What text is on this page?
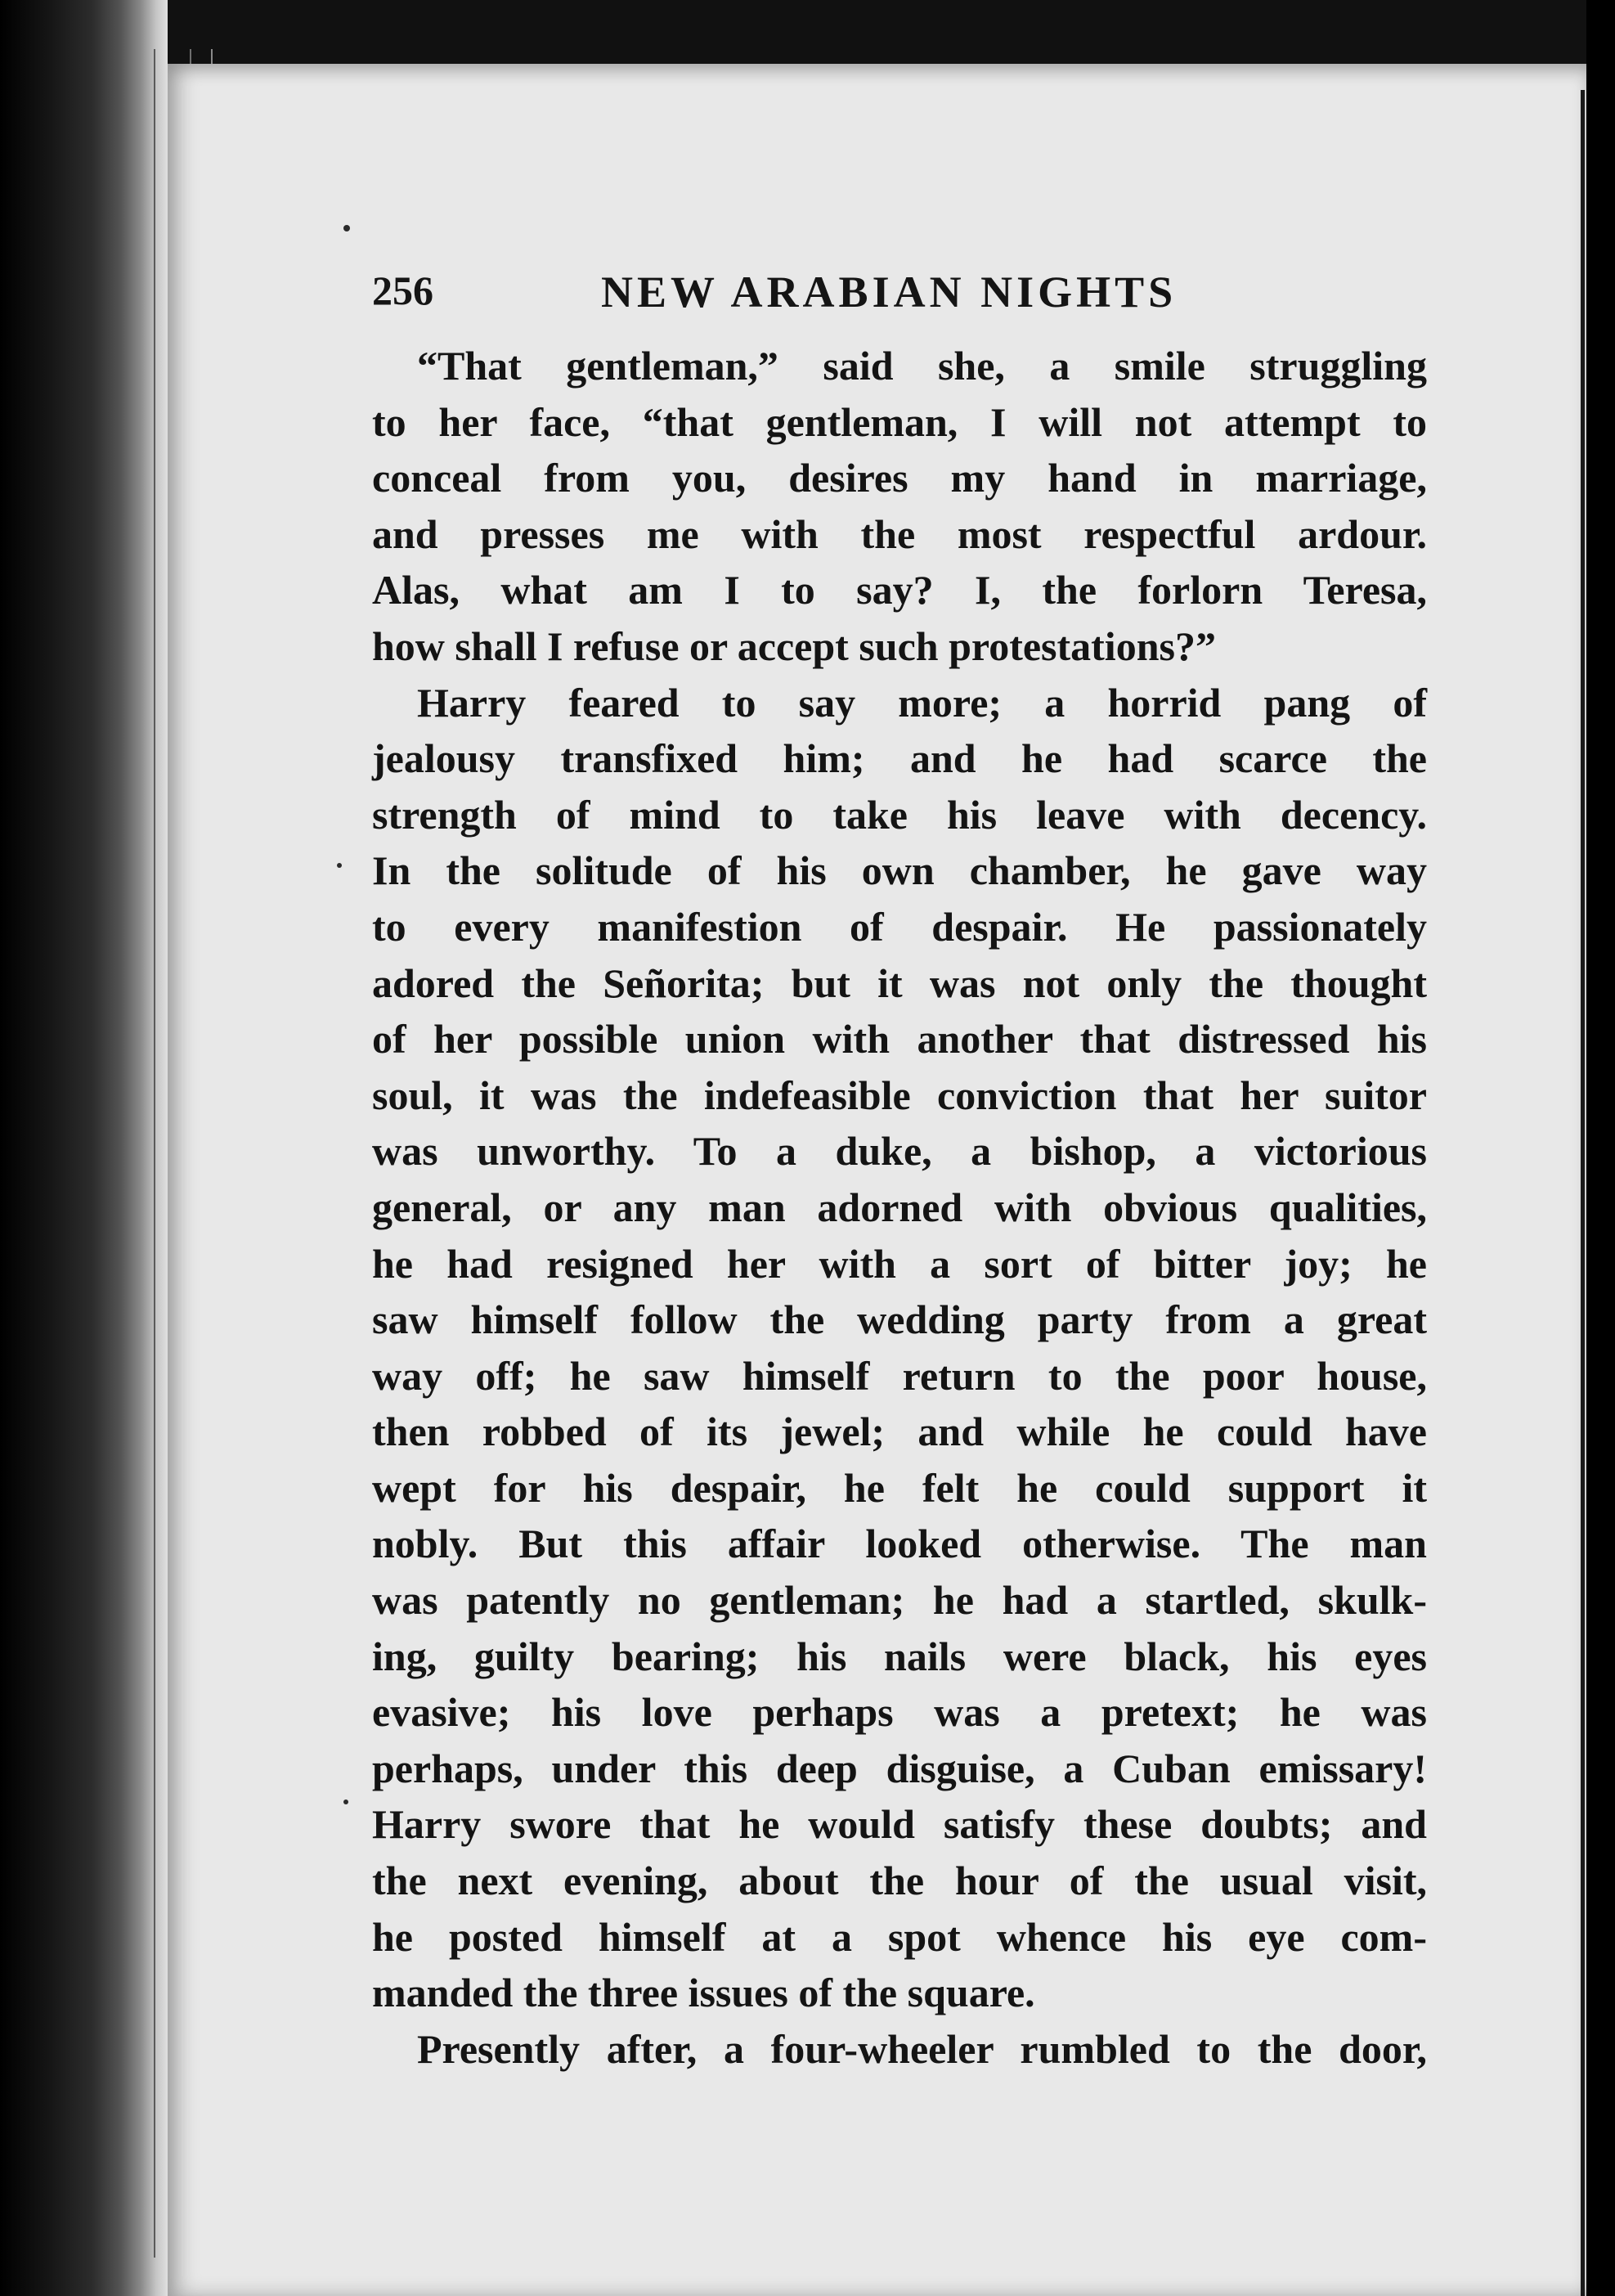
256	NEW ARABIAN NIGHTS
“That gentleman,” said she, a smile struggling
to her face, “that gentleman, I will not attempt to
conceal from you, desires my hand in marriage,
and presses me with the most respectful ardour.
Alas, what am I to say? I, the forlorn Teresa,
how shall I refuse or accept such protestations?”
Harry feared to say more; a horrid pang of
jealousy transfixed him; and he had scarce the
strength of mind to take his leave with decency.
In the solitude of his own chamber, he gave way
to every manifestion of despair. He passionately
adored the Señorita; but it was not only the thought
of her possible union with another that distressed his
soul, it was the indefeasible conviction that her suitor
was unworthy. To a duke, a bishop, a victorious
general, or any man adorned with obvious qualities,
he had resigned her with a sort of bitter joy; he
saw himself follow the wedding party from a great
way off; he saw himself return to the poor house,
then robbed of its jewel; and while he could have
wept for his despair, he felt he could support it
nobly. But this affair looked otherwise. The man
was patently no gentleman; he had a startled, skulk-
ing, guilty bearing; his nails were black, his eyes
evasive; his love perhaps was a pretext; he was
perhaps, under this deep disguise, a Cuban emissary!
Harry swore that he would satisfy these doubts; and
the next evening, about the hour of the usual visit,
he posted himself at a spot whence his eye com-
manded the three issues of the square.
Presently after, a four-wheeler rumbled to the door,
